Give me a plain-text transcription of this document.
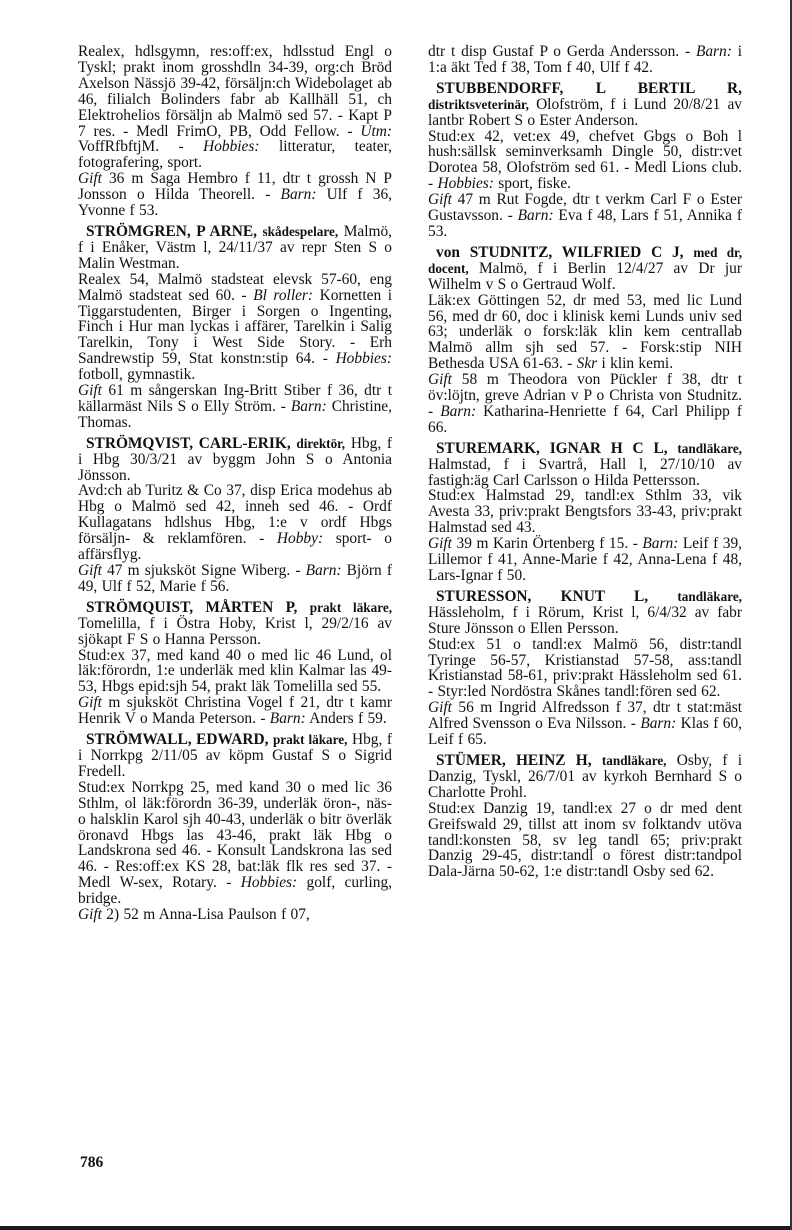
Realex, hdlsgymn, res:off:ex, hdlsstud Engl o Tyskl; prakt inom grosshdln 34-39, org:ch Bröd Axelson Nässjö 39-42, försäljn:ch Widebolaget ab 46, filialch Bolinders fabr ab Kallhäll 51, ch Elektrohelios försäljn ab Malmö sed 57. - Kapt P 7 res. - Medl FrimO, PB, Odd Fellow. - Utm: VoffRfbftjM. - Hobbies: litteratur, teater, fotografering, sport.

Gift 36 m Saga Hembro f 11, dtr t grossh N P Jonsson o Hilda Theorell. - Barn: Ulf f 36, Yvonne f 53.

STRÖMGREN, P ARNE, skådespelare, Malmö, f i Enåker, Västm l, 24/11/37 av repr Sten S o Malin Westman.

Realex 54, Malmö stadsteat elevsk 57-60, eng Malmö stadsteat sed 60. - Bl roller: Kornetten i Tiggarstudenten, Birger i Sorgen o Ingenting, Finch i Hur man lyckas i affärer, Tarelkin i Salig Tarelkin, Tony i West Side Story. - Erh Sandrewstip 59, Stat konstn:stip 64. - Hobbies: fotboll, gymnastik.

Gift 61 m sångerskan Ing-Britt Stiber f 36, dtr t källarmäst Nils S o Elly Ström. - Barn: Christine, Thomas.

STRÖMQVIST, CARL-ERIK, direktör, Hbg, f i Hbg 30/3/21 av byggm John S o Antonia Jönsson.

Avd:ch ab Turitz & Co 37, disp Erica modehus ab Hbg o Malmö sed 42, inneh sed 46. - Ordf Kullagatans hdlshus Hbg, 1:e v ordf Hbgs försäljn- & reklamfören. - Hobby: sport- o affärsflyg.

Gift 47 m sjuksköt Signe Wiberg. - Barn: Björn f 49, Ulf f 52, Marie f 56.

STRÖMQUIST, MÅRTEN P, prakt läkare, Tomelilla, f i Östra Hoby, Krist l, 29/2/16 av sjökapt F S o Hanna Persson.

Stud:ex 37, med kand 40 o med lic 46 Lund, ol läk:förordn, 1:e underläk med klin Kalmar las 49-53, Hbgs epid:sjh 54, prakt läk Tomelilla sed 55.

Gift m sjuksköt Christina Vogel f 21, dtr t kamr Henrik V o Manda Peterson. - Barn: Anders f 59.

STRÖMWALL, EDWARD, prakt läkare, Hbg, f i Norrkpg 2/11/05 av köpm Gustaf S o Sigrid Fredell.

Stud:ex Norrkpg 25, med kand 30 o med lic 36 Sthlm, ol läk:förordn 36-39, underläk öron-, näs- o halsklin Karol sjh 40-43, underläk o bitr överläk öronavd Hbgs las 43-46, prakt läk Hbg o Landskrona sed 46. - Konsult Landskrona las sed 46. - Res:off:ex KS 28, bat:läk flk res sed 37. - Medl W-sex, Rotary. - Hobbies: golf, curling, bridge.

Gift 2) 52 m Anna-Lisa Paulson f 07,

dtr t disp Gustaf P o Gerda Andersson. - Barn: i 1:a äkt Ted f 38, Tom f 40, Ulf f 42.

STUBBENDORFF, L BERTIL R, distriktsveterinär, Olofström, f i Lund 20/8/21 av lantbr Robert S o Ester Anderson.

Stud:ex 42, vet:ex 49, chefvet Gbgs o Boh l hush:sällsk seminverksamh Dingle 50, distr:vet Dorotea 58, Olofström sed 61. - Medl Lions club. - Hobbies: sport, fiske.

Gift 47 m Rut Fogde, dtr t verkm Carl F o Ester Gustavsson. - Barn: Eva f 48, Lars f 51, Annika f 53.

von STUDNITZ, WILFRIED C J, med dr, docent, Malmö, f i Berlin 12/4/27 av Dr jur Wilhelm v S o Gertraud Wolf.

Läk:ex Göttingen 52, dr med 53, med lic Lund 56, med dr 60, doc i klinisk kemi Lunds univ sed 63; underläk o forsk:läk klin kem centrallab Malmö allm sjh sed 57. - Forsk:stip NIH Bethesda USA 61-63. - Skr i klin kemi.

Gift 58 m Theodora von Pückler f 38, dtr t öv:löjtn, greve Adrian v P o Christa von Studnitz. - Barn: Katharina-Henriette f 64, Carl Philipp f 66.

STUREMARK, IGNAR H C L, tandläkare, Halmstad, f i Svartrå, Hall l, 27/10/10 av fastigh:äg Carl Carlsson o Hilda Pettersson.

Stud:ex Halmstad 29, tandl:ex Sthlm 33, vik Avesta 33, priv:prakt Bengtsfors 33-43, priv:prakt Halmstad sed 43.

Gift 39 m Karin Örtenberg f 15. - Barn: Leif f 39, Lillemor f 41, Anne-Marie f 42, Anna-Lena f 48, Lars-Ignar f 50.

STURESSON, KNUT L, tandläkare, Hässleholm, f i Rörum, Krist l, 6/4/32 av fabr Sture Jönsson o Ellen Persson.

Stud:ex 51 o tandl:ex Malmö 56, distr:tandl Tyringe 56-57, Kristianstad 57-58, ass:tandl Kristianstad 58-61, priv:prakt Hässleholm sed 61. - Styr:led Nordöstra Skånes tandl:fören sed 62.

Gift 56 m Ingrid Alfredsson f 37, dtr t stat:mäst Alfred Svensson o Eva Nilsson. - Barn: Klas f 60, Leif f 65.

STÜMER, HEINZ H, tandläkare, Osby, f i Danzig, Tyskl, 26/7/01 av kyrkoh Bernhard S o Charlotte Prohl.

Stud:ex Danzig 19, tandl:ex 27 o dr med dent Greifswald 29, tillst att inom sv folktandv utöva tandl:konsten 58, sv leg tandl 65; priv:prakt Danzig 29-45, distr:tandl o förest distr:tandpol Dala-Järna 50-62, 1:e distr:tandl Osby sed 62.

786
